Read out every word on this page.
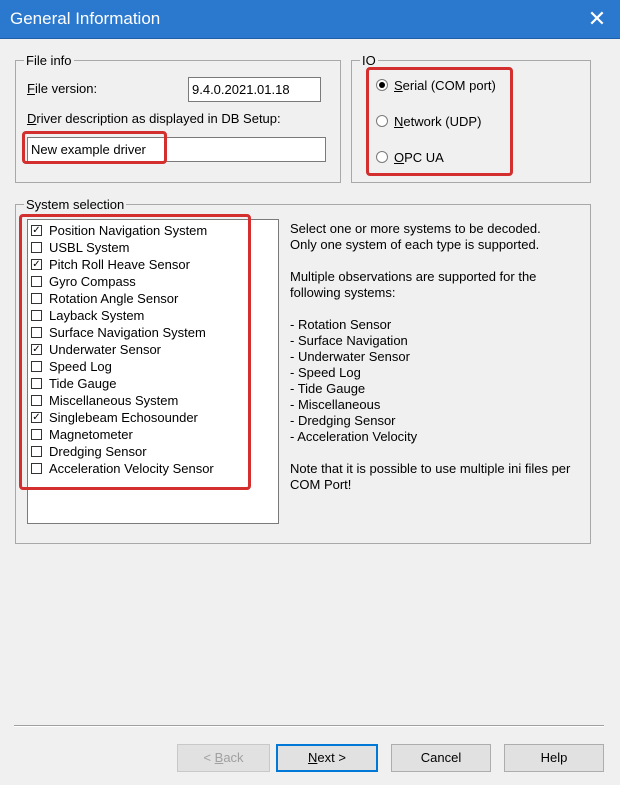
General Information	✕
File info
File version:	9.4.0.2021.01.18
Driver description as displayed in DB Setup:
New example driver
IO
Serial (COM port)
Network (UDP)
OPC UA
System selection
✓ Position Navigation System
USBL System
✓ Pitch Roll Heave Sensor
Gyro Compass
Rotation Angle Sensor
Layback System
Surface Navigation System
✓ Underwater Sensor
Speed Log
Tide Gauge
Miscellaneous System
✓ Singlebeam Echosounder
Magnetometer
Dredging Sensor
Acceleration Velocity Sensor
Select one or more systems to be decoded.
Only one system of each type is supported.
Multiple observations are supported for the
following systems:
- Rotation Sensor
- Surface Navigation
- Underwater Sensor
- Speed Log
- Tide Gauge
- Miscellaneous
- Dredging Sensor
- Acceleration Velocity
Note that it is possible to use multiple ini files per
COM Port!
< Back	Next >	Cancel	Help
